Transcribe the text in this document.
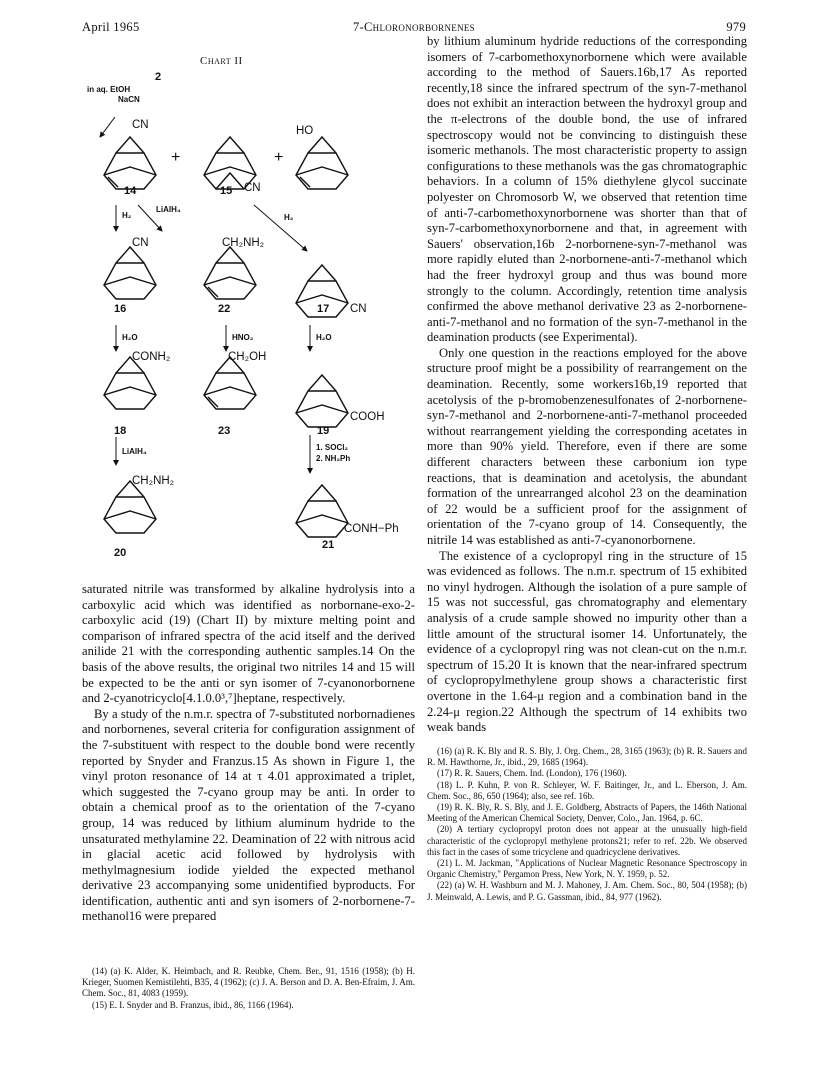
April 1965	7-Chloronorbornenes	979
Chart II
2
in aq. EtOH
NaCN
CN
+
CN
+
HO
14	15
H₂
LiAlH₄
H₂
CN	CH₂NH₂
CN
16	22	17
H₂O	HNO₂	H₂O
CONH₂	CH₂OH
COOH
18	23	19
LiAlH₄	1. SOCl₂
2. NH₂Ph
CH₂NH₂
CONH−Ph
20
21

saturated nitrile was transformed by alkaline hydrolysis into a carboxylic acid which was identified as norbornane-exo-2-carboxylic acid (19) (Chart II) by mixture melting point and comparison of infrared spectra of the acid itself and the derived anilide 21 with the corresponding authentic samples.14 On the basis of the above results, the original two nitriles 14 and 15 will be expected to be the anti or syn isomer of 7-cyanonorbornene and 2-cyanotricyclo[4.1.0.0³,⁷]heptane, respectively.

By a study of the n.m.r. spectra of 7-substituted norbornadienes and norbornenes, several criteria for configuration assignment of the 7-substituent with respect to the double bond were recently reported by Snyder and Franzus.15 As shown in Figure 1, the vinyl proton resonance of 14 at τ 4.01 approximated a triplet, which suggested the 7-cyano group may be anti. In order to obtain a chemical proof as to the orientation of the 7-cyano group, 14 was reduced by lithium aluminum hydride to the unsaturated methylamine 22. Deamination of 22 with nitrous acid in glacial acetic acid followed by hydrolysis with methylmagnesium iodide yielded the expected methanol derivative 23 accompanying some unidentified byproducts. For identification, authentic anti and syn isomers of 2-norbornene-7-methanol16 were prepared

(14) (a) K. Alder, K. Heimbach, and R. Reubke, Chem. Ber., 91, 1516 (1958); (b) H. Krieger, Suomen Kemistilehti, B35, 4 (1962); (c) J. A. Berson and D. A. Ben-Efraim, J. Am. Chem. Soc., 81, 4083 (1959).
(15) E. I. Snyder and B. Franzus, ibid., 86, 1166 (1964).

by lithium aluminum hydride reductions of the corresponding isomers of 7-carbomethoxynorbornene which were available according to the method of Sauers.16b,17 As reported recently,18 since the infrared spectrum of the syn-7-methanol does not exhibit an interaction between the hydroxyl group and the π-electrons of the double bond, the use of infrared spectroscopy would not be convincing to distinguish these isomeric methanols. The most characteristic property to assign configurations to these methanols was the gas chromatographic behaviors. In a column of 15% diethylene glycol succinate polyester on Chromosorb W, we observed that retention time of anti-7-carbomethoxynorbornene was shorter than that of syn-7-carbomethoxynorbornene and that, in agreement with Sauers' observation,16b 2-norbornene-syn-7-methanol was more rapidly eluted than 2-norbornene-anti-7-methanol which had the freer hydroxyl group and thus was bound more strongly to the column. Accordingly, retention time analysis confirmed the above methanol derivative 23 as 2-norbornene-anti-7-methanol and no formation of the syn-7-methanol in the deamination products (see Experimental).

Only one question in the reactions employed for the above structure proof might be a possibility of rearrangement on the deamination. Recently, some workers16b,19 reported that acetolysis of the p-bromobenzenesulfonates of 2-norbornene-syn-7-methanol and 2-norbornene-anti-7-methanol proceeded without rearrangement yielding the corresponding acetates in more than 90% yield. Therefore, even if there are some different characters between these carbonium ion type reactions, that is deamination and acetolysis, the abundant formation of the unrearranged alcohol 23 on the deamination of 22 would be a sufficient proof for the assignment of orientation of the 7-cyano group of 14. Consequently, the nitrile 14 was established as anti-7-cyanonorbornene.

The existence of a cyclopropyl ring in the structure of 15 was evidenced as follows. The n.m.r. spectrum of 15 exhibited no vinyl hydrogen. Although the isolation of a pure sample of 15 was not successful, gas chromatography and elementary analysis of a crude sample showed no impurity other than a little amount of the structural isomer 14. Unfortunately, the evidence of a cyclopropyl ring was not clean-cut on the n.m.r. spectrum of 15.20 It is known that the near-infrared spectrum of cyclopropylmethylene group shows a characteristic first overtone in the 1.64-μ region and a combination band in the 2.24-μ region.22 Although the spectrum of 14 exhibits two weak bands

(16) (a) R. K. Bly and R. S. Bly, J. Org. Chem., 28, 3165 (1963); (b) R. R. Sauers and R. M. Hawthorne, Jr., ibid., 29, 1685 (1964).
(17) R. R. Sauers, Chem. Ind. (London), 176 (1960).
(18) L. P. Kuhn, P. von R. Schleyer, W. F. Baitinger, Jr., and L. Eberson, J. Am. Chem. Soc., 86, 650 (1964); also, see ref. 16b.
(19) R. K. Bly, R. S. Bly, and J. E. Goldberg, Abstracts of Papers, the 146th National Meeting of the American Chemical Society, Denver, Colo., Jan. 1964, p. 6C.
(20) A tertiary cyclopropyl proton does not appear at the unusually high-field characteristic of the cyclopropyl methylene protons21; refer to ref. 22b. We observed this fact in the cases of some tricyclene and quadricyclene derivatives.
(21) L. M. Jackman, "Applications of Nuclear Magnetic Resonance Spectroscopy in Organic Chemistry," Pergamon Press, New York, N. Y. 1959, p. 52.
(22) (a) W. H. Washburn and M. J. Mahoney, J. Am. Chem. Soc., 80, 504 (1958); (b) J. Meinwald, A. Lewis, and P. G. Gassman, ibid., 84, 977 (1962).
